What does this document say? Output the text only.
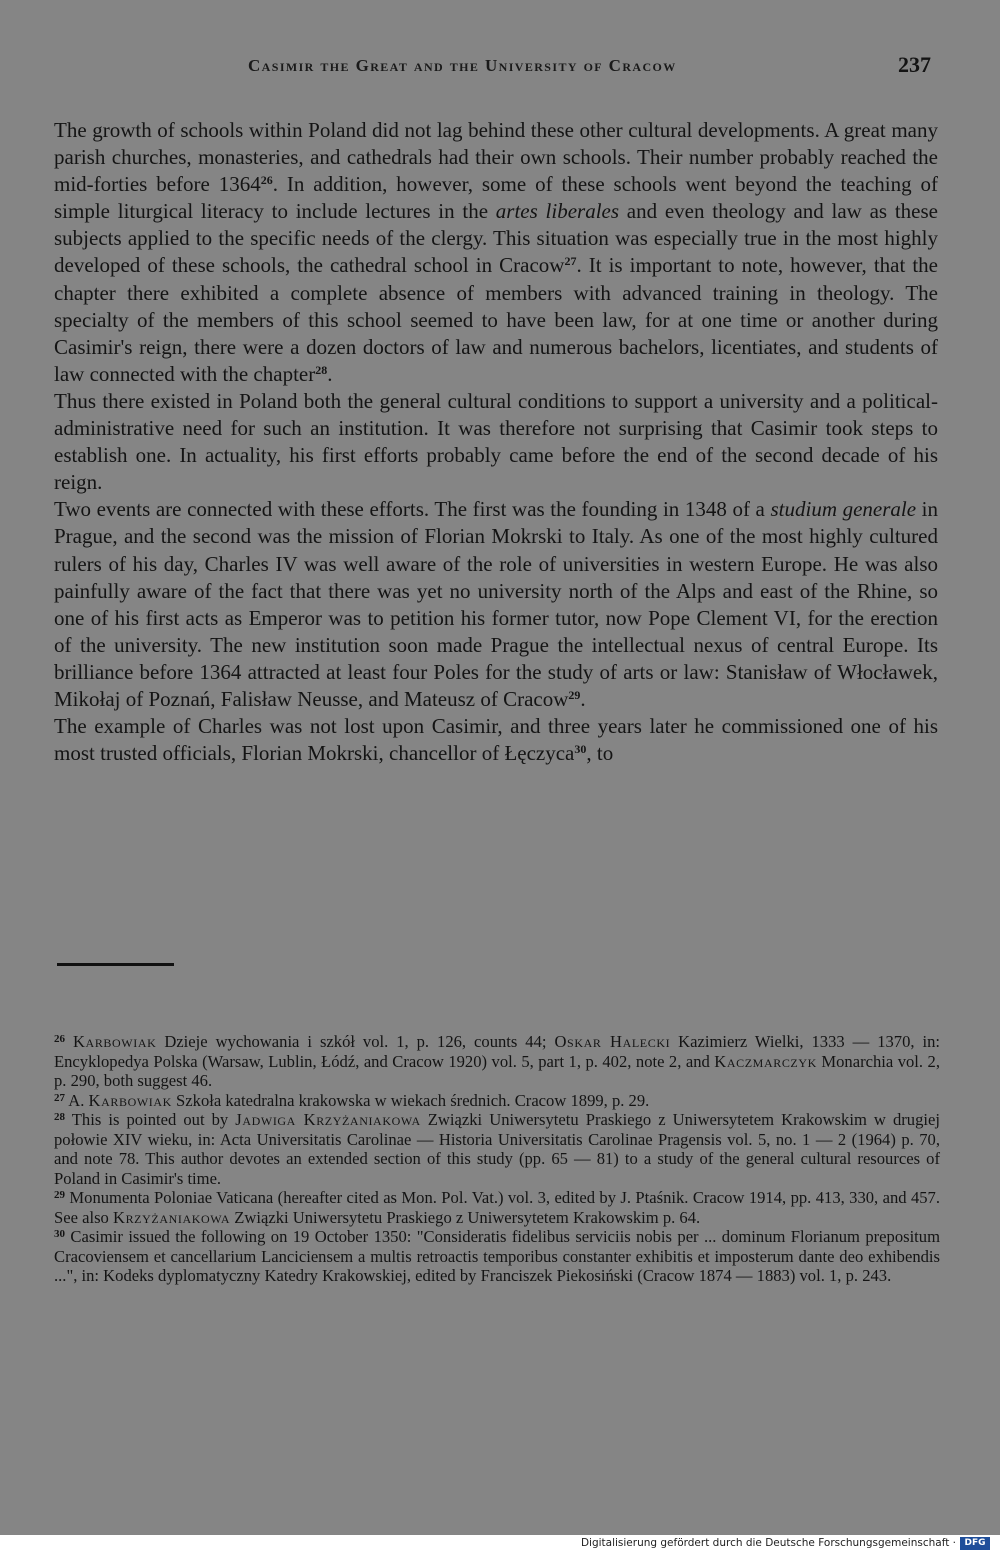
Casimir the Great and the University of Cracow	237

The growth of schools within Poland did not lag behind these other cultural developments. A great many parish churches, monasteries, and cathedrals had their own schools. Their number probably reached the mid-forties before 1364$^{26}$. In addition, however, some of these schools went beyond the teaching of simple liturgical literacy to include lectures in the artes liberales and even theology and law as these subjects applied to the specific needs of the clergy. This situation was especially true in the most highly developed of these schools, the cathedral school in Cracow$^{27}$. It is important to note, however, that the chapter there exhibited a complete absence of members with advanced training in theology. The specialty of the members of this school seemed to have been law, for at one time or another during Casimir's reign, there were a dozen doctors of law and numerous bachelors, licentiates, and students of law connected with the chapter$^{28}$.

Thus there existed in Poland both the general cultural conditions to support a university and a political-administrative need for such an institution. It was therefore not surprising that Casimir took steps to establish one. In actuality, his first efforts probably came before the end of the second decade of his reign.

Two events are connected with these efforts. The first was the founding in 1348 of a studium generale in Prague, and the second was the mission of Florian Mokrski to Italy. As one of the most highly cultured rulers of his day, Charles IV was well aware of the role of universities in western Europe. He was also painfully aware of the fact that there was yet no university north of the Alps and east of the Rhine, so one of his first acts as Emperor was to petition his former tutor, now Pope Clement VI, for the erection of the university. The new institution soon made Prague the intellectual nexus of central Europe. Its brilliance before 1364 attracted at least four Poles for the study of arts or law: Stanisław of Włocławek, Mikołaj of Poznań, Falisław Neusse, and Mateusz of Cracow$^{29}$.

The example of Charles was not lost upon Casimir, and three years later he commissioned one of his most trusted officials, Florian Mokrski, chancellor of Łęczyca$^{30}$, to

$^{26}$ Karbowiak Dzieje wychowania i szkół vol. 1, p. 126, counts 44; Oskar Halecki Kazimierz Wielki, 1333 — 1370, in: Encyklopedya Polska (Warsaw, Lublin, Łódź, and Cracow 1920) vol. 5, part 1, p. 402, note 2, and Kaczmarczyk Monarchia vol. 2, p. 290, both suggest 46.

$^{27}$ A. Karbowiak Szkoła katedralna krakowska w wiekach średnich. Cracow 1899, p. 29.

$^{28}$ This is pointed out by Jadwiga Krzyżaniakowa Związki Uniwersytetu Praskiego z Uniwersytetem Krakowskim w drugiej połowie XIV wieku, in: Acta Universitatis Carolinae — Historia Universitatis Carolinae Pragensis vol. 5, no. 1 — 2 (1964) p. 70, and note 78. This author devotes an extended section of this study (pp. 65 — 81) to a study of the general cultural resources of Poland in Casimir's time.

$^{29}$ Monumenta Poloniae Vaticana (hereafter cited as Mon. Pol. Vat.) vol. 3, edited by J. Ptaśnik. Cracow 1914, pp. 413, 330, and 457. See also Krzyżaniakowa Związki Uniwersytetu Praskiego z Uniwersytetem Krakowskim p. 64.

$^{30}$ Casimir issued the following on 19 October 1350: "Consideratis fidelibus serviciis nobis per ... dominum Florianum prepositum Cracoviensem et cancellarium Lanciciensem a multis retroactis temporibus constanter exhibitis et imposterum dante deo exhibendis ...", in: Kodeks dyplomatyczny Katedry Krakowskiej, edited by Franciszek Piekosiński (Cracow 1874 — 1883) vol. 1, p. 243.

Digitalisierung gefördert durch die Deutsche Forschungsgemeinschaft · DFG
